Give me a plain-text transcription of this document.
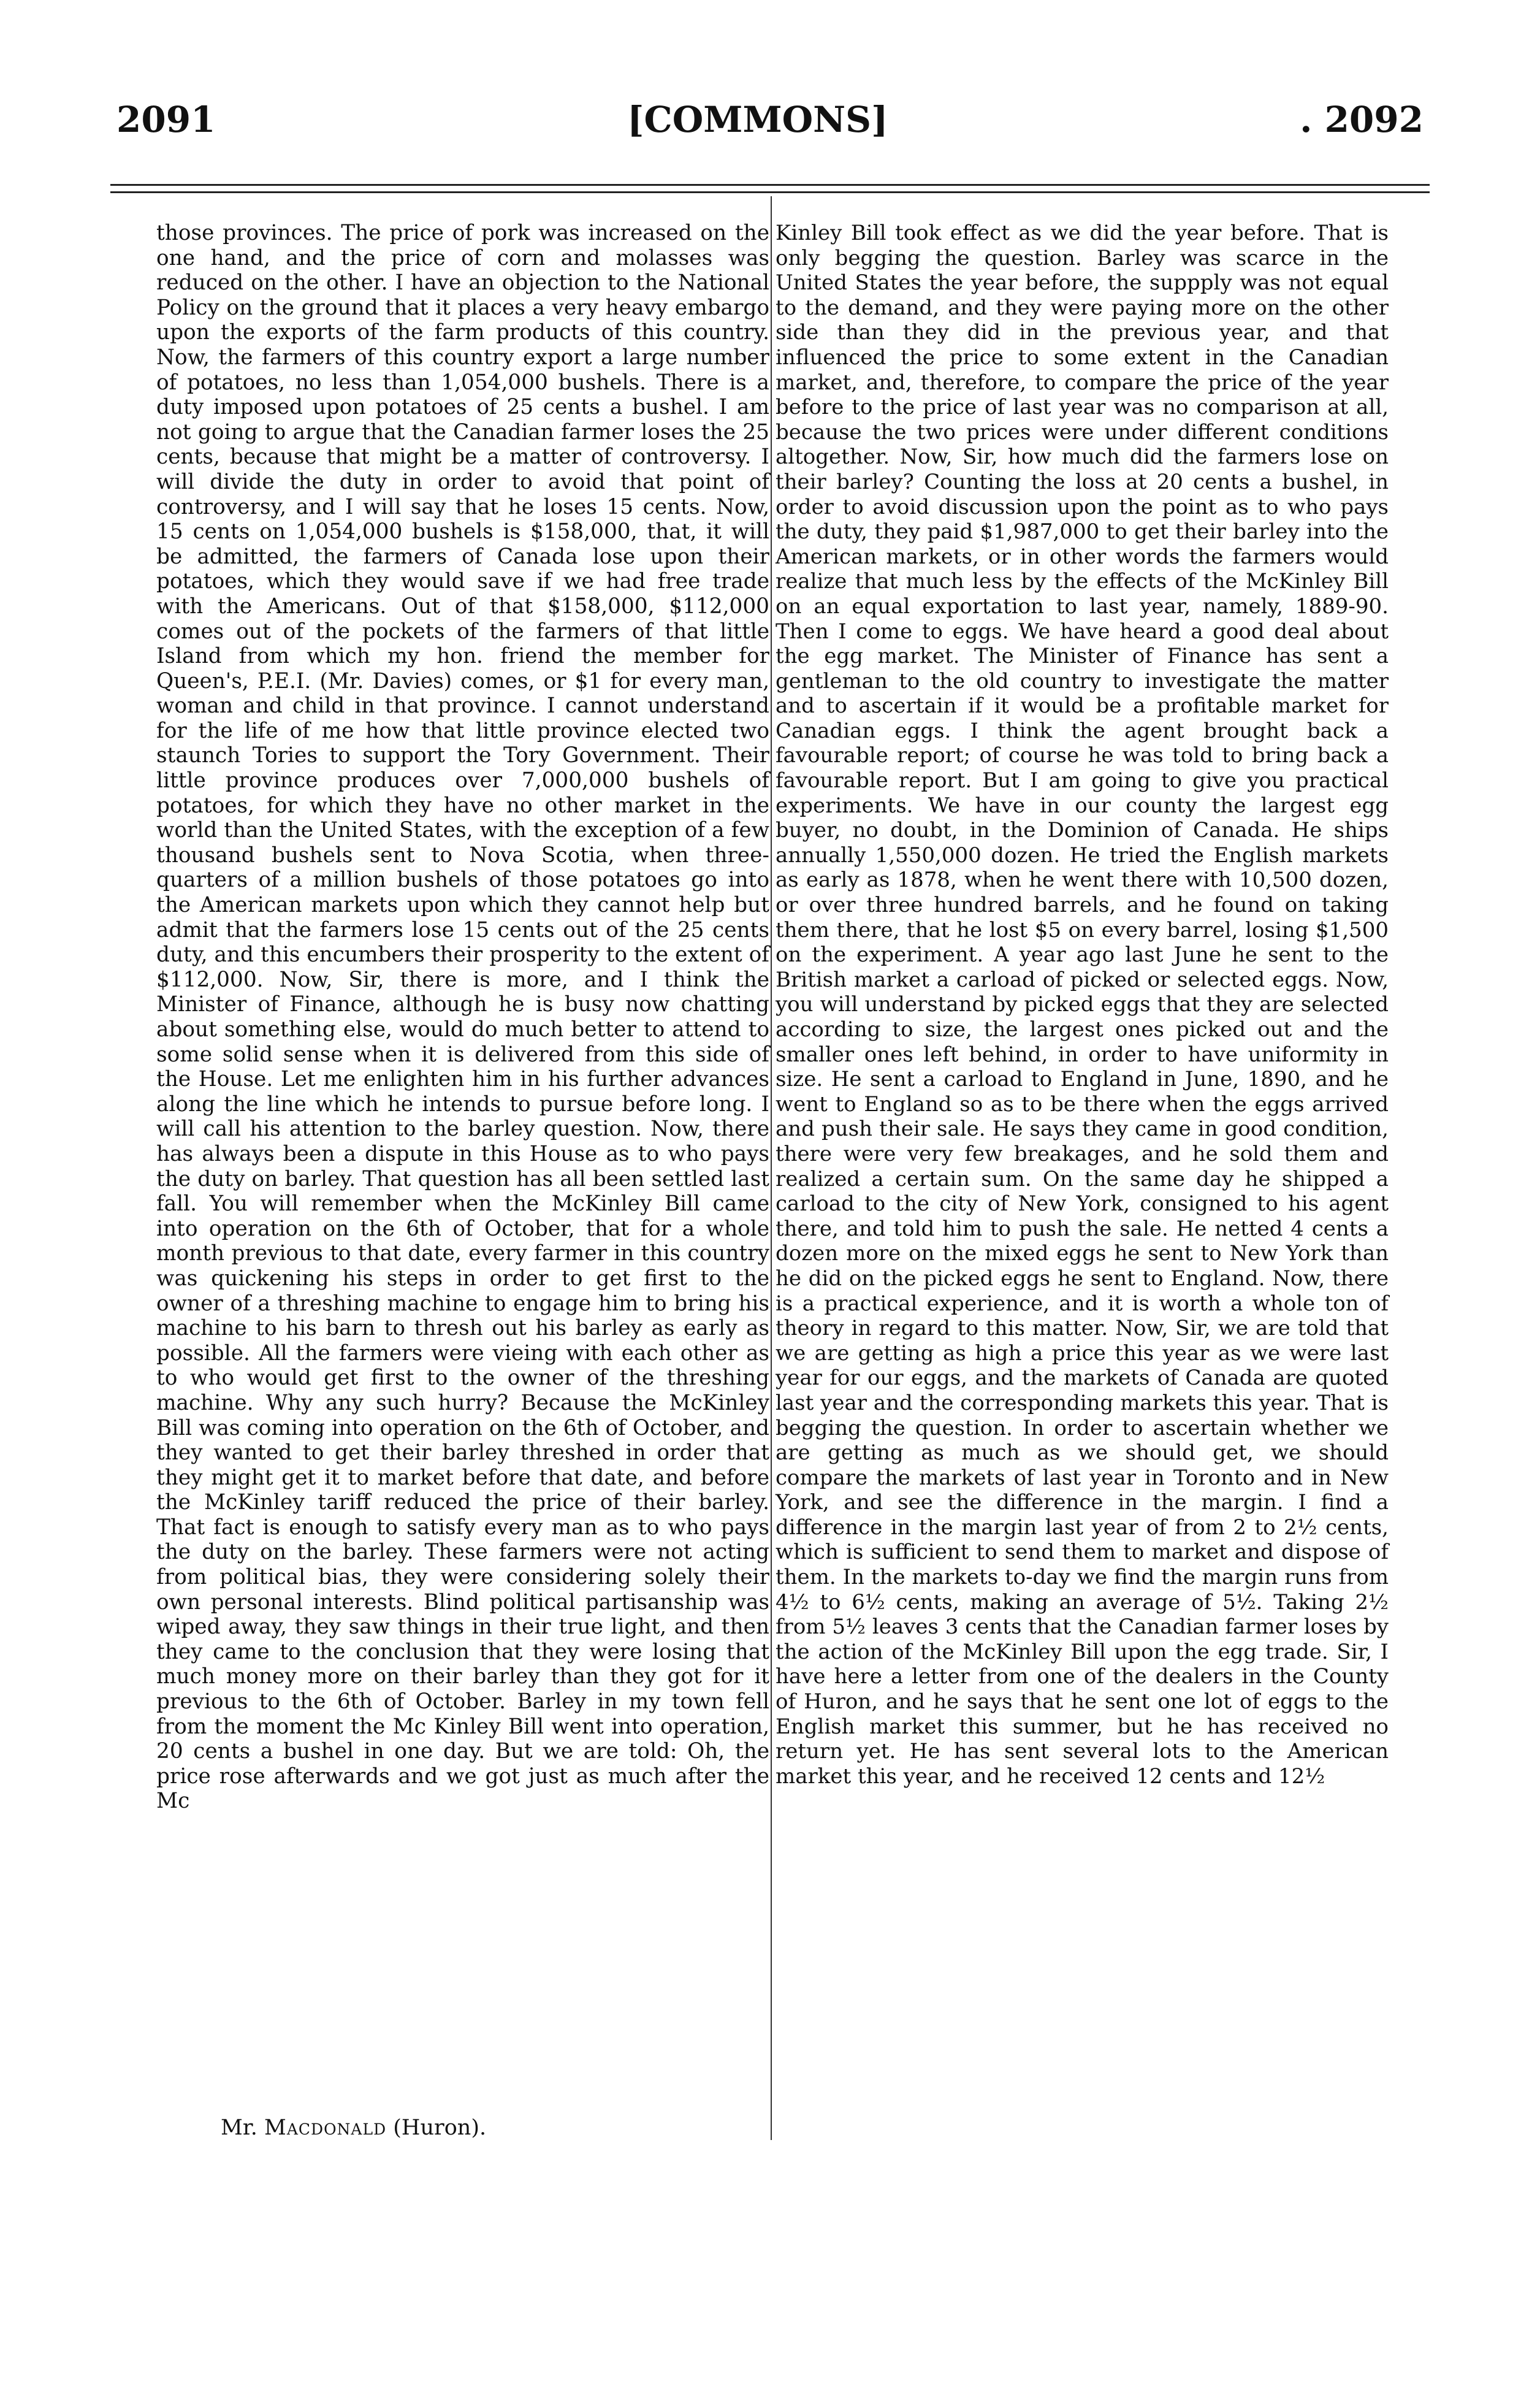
2091	[COMMONS]	. 2092

those provinces. The price of pork was increased on the one hand, and the price of corn and molasses was reduced on the other. I have an objection to the National Policy on the ground that it places a very heavy embargo upon the exports of the farm products of this country. Now, the farmers of this country export a large number of potatoes, no less than 1,054,000 bushels. There is a duty imposed upon potatoes of 25 cents a bushel. I am not going to argue that the Canadian farmer loses the 25 cents, because that might be a matter of controversy. I will divide the duty in order to avoid that point of controversy, and I will say that he loses 15 cents. Now, 15 cents on 1,054,000 bushels is $158,000, that, it will be admitted, the farmers of Canada lose upon their potatoes, which they would save if we had free trade with the Americans. Out of that $158,000, $112,000 comes out of the pockets of the farmers of that little Island from which my hon. friend the member for Queen's, P.E.I. (Mr. Davies) comes, or $1 for every man, woman and child in that province. I cannot understand for the life of me how that little province elected two staunch Tories to support the Tory Government. Their little province produces over 7,000,000 bushels of potatoes, for which they have no other market in the world than the United States, with the exception of a few thousand bushels sent to Nova Scotia, when three-quarters of a million bushels of those potatoes go into the American markets upon which they cannot help but admit that the farmers lose 15 cents out of the 25 cents duty, and this encumbers their prosperity to the extent of $112,000. Now, Sir, there is more, and I think the Minister of Finance, although he is busy now chatting about something else, would do much better to attend to some solid sense when it is delivered from this side of the House. Let me enlighten him in his further advances along the line which he intends to pursue before long. I will call his attention to the barley question. Now, there has always been a dispute in this House as to who pays the duty on barley. That question has all been settled last fall. You will remember when the McKinley Bill came into operation on the 6th of October, that for a whole month previous to that date, every farmer in this country was quickening his steps in order to get first to the owner of a threshing machine to engage him to bring his machine to his barn to thresh out his barley as early as possible. All the farmers were vieing with each other as to who would get first to the owner of the threshing machine. Why any such hurry? Because the McKinley Bill was coming into operation on the 6th of October, and they wanted to get their barley threshed in order that they might get it to market before that date, and before the McKinley tariff reduced the price of their barley. That fact is enough to satisfy every man as to who pays the duty on the barley. These farmers were not acting from political bias, they were considering solely their own personal interests. Blind political partisanship was wiped away, they saw things in their true light, and then they came to the conclusion that they were losing that much money more on their barley than they got for it previous to the 6th of October. Barley in my town fell from the moment the Mc Kinley Bill went into operation, 20 cents a bushel in one day. But we are told: Oh, the price rose afterwards and we got just as much after the Mc

Kinley Bill took effect as we did the year before. That is only begging the question. Barley was scarce in the United States the year before, the suppply was not equal to the demand, and they were paying more on the other side than they did in the previous year, and that influenced the price to some extent in the Canadian market, and, therefore, to compare the price of the year before to the price of last year was no comparison at all, because the two prices were under different conditions altogether. Now, Sir, how much did the farmers lose on their barley? Counting the loss at 20 cents a bushel, in order to avoid discussion upon the point as to who pays the duty, they paid $1,987,000 to get their barley into the American markets, or in other words the farmers would realize that much less by the effects of the McKinley Bill on an equal exportation to last year, namely, 1889-90. Then I come to eggs. We have heard a good deal about the egg market. The Minister of Finance has sent a gentleman to the old country to investigate the matter and to ascertain if it would be a profitable market for Canadian eggs. I think the agent brought back a favourable report; of course he was told to bring back a favourable report. But I am going to give you practical experiments. We have in our county the largest egg buyer, no doubt, in the Dominion of Canada. He ships annually 1,550,000 dozen. He tried the English markets as early as 1878, when he went there with 10,500 dozen, or over three hundred barrels, and he found on taking them there, that he lost $5 on every barrel, losing $1,500 on the experiment. A year ago last June he sent to the British market a carload of picked or selected eggs. Now, you will understand by picked eggs that they are selected according to size, the largest ones picked out and the smaller ones left behind, in order to have uniformity in size. He sent a carload to England in June, 1890, and he went to England so as to be there when the eggs arrived and push their sale. He says they came in good condition, there were very few breakages, and he sold them and realized a certain sum. On the same day he shipped a carload to the city of New York, consigned to his agent there, and told him to push the sale. He netted 4 cents a dozen more on the mixed eggs he sent to New York than he did on the picked eggs he sent to England. Now, there is a practical experience, and it is worth a whole ton of theory in regard to this matter. Now, Sir, we are told that we are getting as high a price this year as we were last year for our eggs, and the markets of Canada are quoted last year and the corresponding markets this year. That is begging the question. In order to ascertain whether we are getting as much as we should get, we should compare the markets of last year in Toronto and in New York, and see the difference in the margin. I find a difference in the margin last year of from 2 to 2½ cents, which is sufficient to send them to market and dispose of them. In the markets to-day we find the margin runs from 4½ to 6½ cents, making an average of 5½. Taking 2½ from 5½ leaves 3 cents that the Canadian farmer loses by the action of the McKinley Bill upon the egg trade. Sir, I have here a letter from one of the dealers in the County of Huron, and he says that he sent one lot of eggs to the English market this summer, but he has received no return yet. He has sent several lots to the American market this year, and he received 12 cents and 12½

Mr. Macdonald (Huron).
